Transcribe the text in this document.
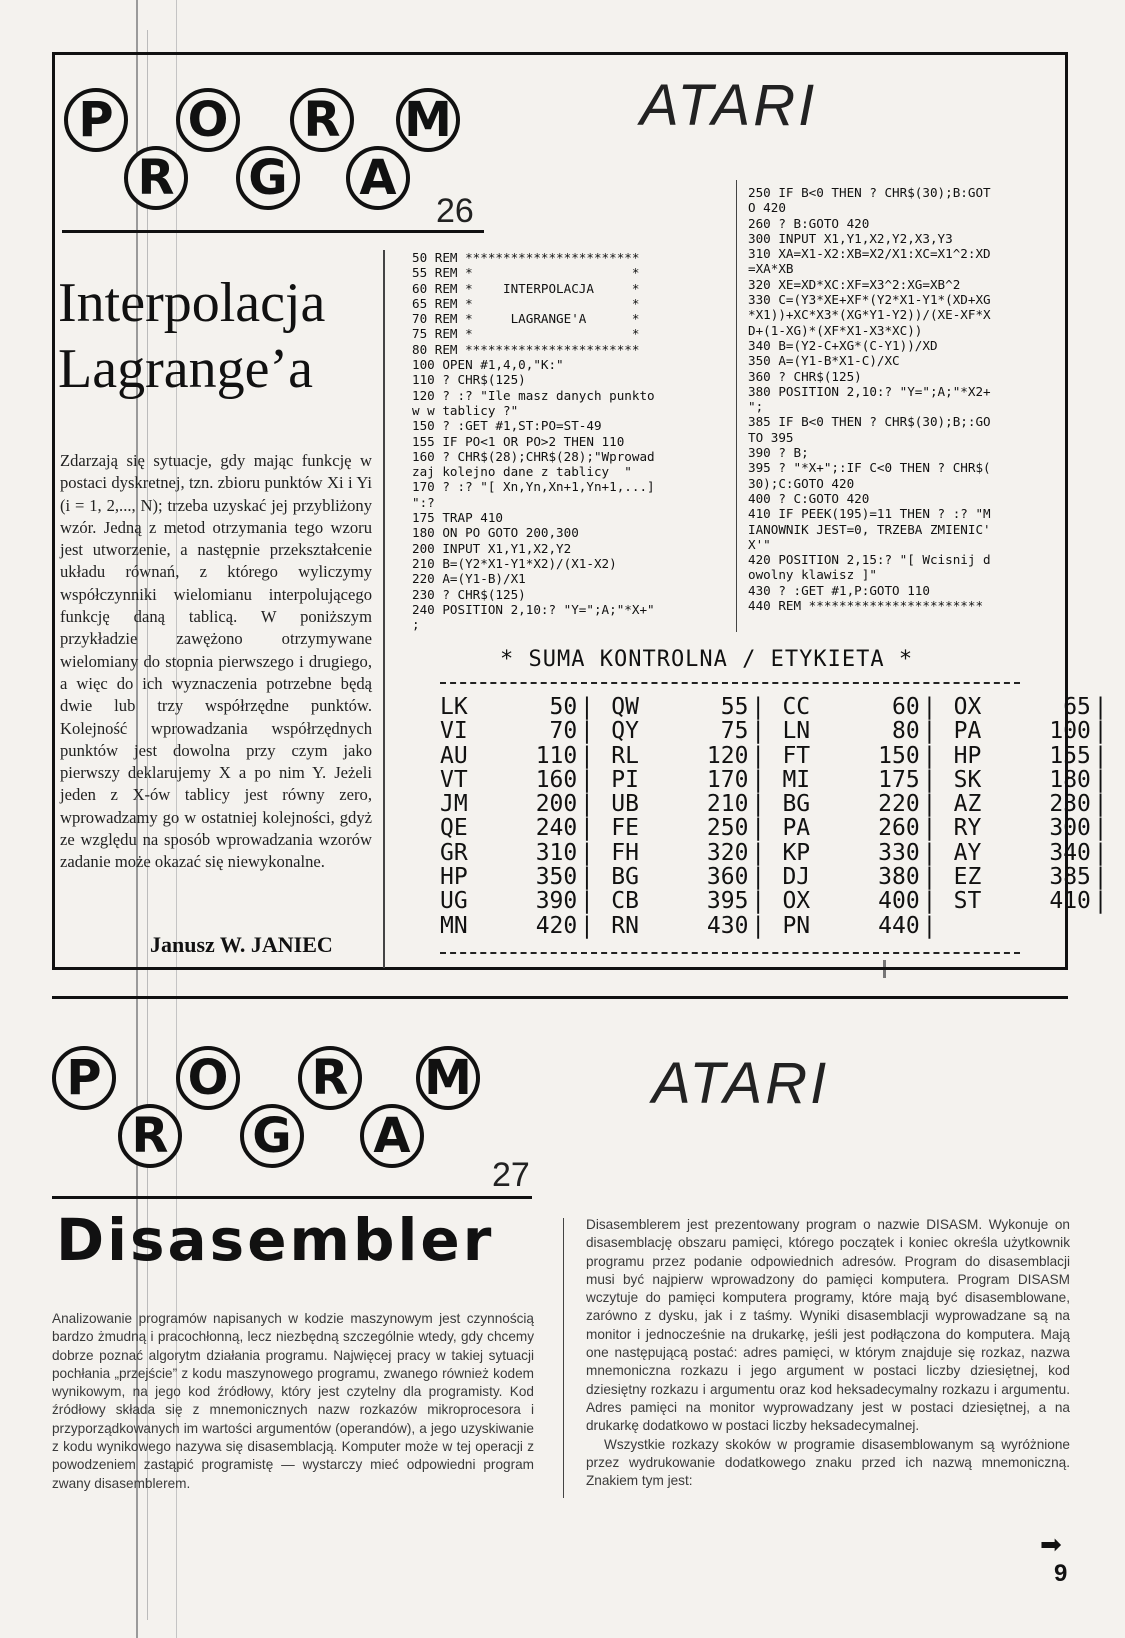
P	O R M
R G A
ATARI
26
Interpolacja
Lagrange’a
Zdarzają się sytuacje, gdy mając funkcję w postaci dyskretnej, tzn. zbioru punktów Xi i Yi (i = 1, 2,..., N); trzeba uzyskać jej przybliżony wzór. Jedną z metod otrzymania tego wzoru jest utworzenie, a następnie przekształcenie układu równań, z którego wyliczymy współczynniki wielomianu interpolującego funkcję daną tablicą. W poniższym przykładzie zawężono otrzymywane wielomiany do stopnia pierwszego i drugiego, a więc do ich wyznaczenia potrzebne będą dwie lub trzy współrzędne punktów. Kolejność wprowadzania współrzędnych punktów jest dowolna przy czym jako pierwszy deklarujemy X a po nim Y. Jeżeli jeden z X-ów tablicy jest równy zero, wprowadzamy go w ostatniej kolejności, gdyż ze względu na sposób wprowadzania wzorów zadanie może okazać się niewykonalne.
Janusz W. JANIEC
50 REM ***********************
55 REM *                     *
60 REM *    INTERPOLACJA     *
65 REM *                     *
70 REM *     LAGRANGE'A      *
75 REM *                     *
80 REM ***********************
100 OPEN #1,4,0,"K:"
110 ? CHR$(125)
120 ? :? "Ile masz danych punkto
w w tablicy ?"
150 ? :GET #1,ST:PO=ST-49
155 IF PO<1 OR PO>2 THEN 110
160 ? CHR$(28);CHR$(28);"Wprowad
zaj kolejno dane z tablicy  "
170 ? :? "[ Xn,Yn,Xn+1,Yn+1,...]
":?
175 TRAP 410
180 ON PO GOTO 200,300
200 INPUT X1,Y1,X2,Y2
210 B=(Y2*X1-Y1*X2)/(X1-X2)
220 A=(Y1-B)/X1
230 ? CHR$(125)
240 POSITION 2,10:? "Y=";A;"*X+"
;
250 IF B<0 THEN ? CHR$(30);B:GOT
O 420
260 ? B:GOTO 420
300 INPUT X1,Y1,X2,Y2,X3,Y3
310 XA=X1-X2:XB=X2/X1:XC=X1^2:XD
=XA*XB
320 XE=XD*XC:XF=X3^2:XG=XB^2
330 C=(Y3*XE+XF*(Y2*X1-Y1*(XD+XG
*X1))+XC*X3*(XG*Y1-Y2))/(XE-XF*X
D+(1-XG)*(XF*X1-X3*XC))
340 B=(Y2-C+XG*(C-Y1))/XD
350 A=(Y1-B*X1-C)/XC
360 ? CHR$(125)
380 POSITION 2,10:? "Y=";A;"*X2+
";
385 IF B<0 THEN ? CHR$(30);B;:GO
TO 395
390 ? B;
395 ? "*X+";:IF C<0 THEN ? CHR$(
30);C:GOTO 420
400 ? C:GOTO 420
410 IF PEEK(195)=11 THEN ? :? "M
IANOWNIK JEST=0, TRZEBA ZMIENIC'
X'"
420 POSITION 2,15:? "[ Wcisnij d
owolny klawisz ]"
430 ? :GET #1,P:GOTO 110
440 REM ***********************
* SUMA KONTROLNA / ETYKIETA *
LK	50	|		QW	55	|		CC	60	|		OX	65	|	
VI	70	|		QY	75	|		LN	80	|		PA	100	|	
AU	110	|		RL	120	|		FT	150	|		HP	155	|	
VT	160	|		PI	170	|		MI	175	|		SK	180	|	
JM	200	|		UB	210	|		BG	220	|		AZ	230	|	
QE	240	|		FE	250	|		PA	260	|		RY	300	|	
GR	310	|		FH	320	|		KP	330	|		AY	340	|	
HP	350	|		BG	360	|		DJ	380	|		EZ	385	|	
UG	390	|		CB	395	|		OX	400	|		ST	410	|	
MN	420	|		RN	430	|		PN	440	|					
P	O R M
R G A
ATARI
27
Disasembler
Analizowanie programów napisanych w kodzie maszynowym jest czynnością bardzo żmudną i pracochłonną, lecz niezbędną szczególnie wtedy, gdy chcemy dobrze poznać algorytm działania programu. Najwięcej pracy w takiej sytuacji pochłania „przejście” z kodu maszynowego programu, zwanego również kodem wynikowym, na jego kod źródłowy, który jest czytelny dla programisty. Kod źródłowy składa się z mnemonicznych nazw rozkazów mikroprocesora i przyporządkowanych im wartości argumentów (operandów), a jego uzyskiwanie z kodu wynikowego nazywa się disasemblacją. Komputer może w tej operacji z powodzeniem zastąpić programistę — wystarczy mieć odpowiedni program zwany disasemblerem.
Disasemblerem jest prezentowany program o nazwie DISASM. Wykonuje on disasemblację obszaru pamięci, którego początek i koniec określa użytkownik programu przez podanie odpowiednich adresów. Program do disasemblacji musi być najpierw wprowadzony do pamięci komputera. Program DISASM wczytuje do pamięci komputera programy, które mają być disasemblowane, zarówno z dysku, jak i z taśmy. Wyniki disasemblacji wyprowadzane są na monitor i jednocześnie na drukarkę, jeśli jest podłączona do komputera. Mają one następującą postać: adres pamięci, w którym znajduje się rozkaz, nazwa mnemoniczna rozkazu i jego argument w postaci liczby dziesiętnej, kod dziesiętny rozkazu i argumentu oraz kod heksadecymalny rozkazu i argumentu. Adres pamięci na monitor wyprowadzany jest w postaci dziesiętnej, a na drukarkę dodatkowo w postaci liczby heksadecymalnej.
Wszystkie rozkazy skoków w programie disasemblowanym są wyróżnione przez wydrukowanie dodatkowego znaku przed ich nazwą mnemoniczną. Znakiem tym jest:
➡
9
